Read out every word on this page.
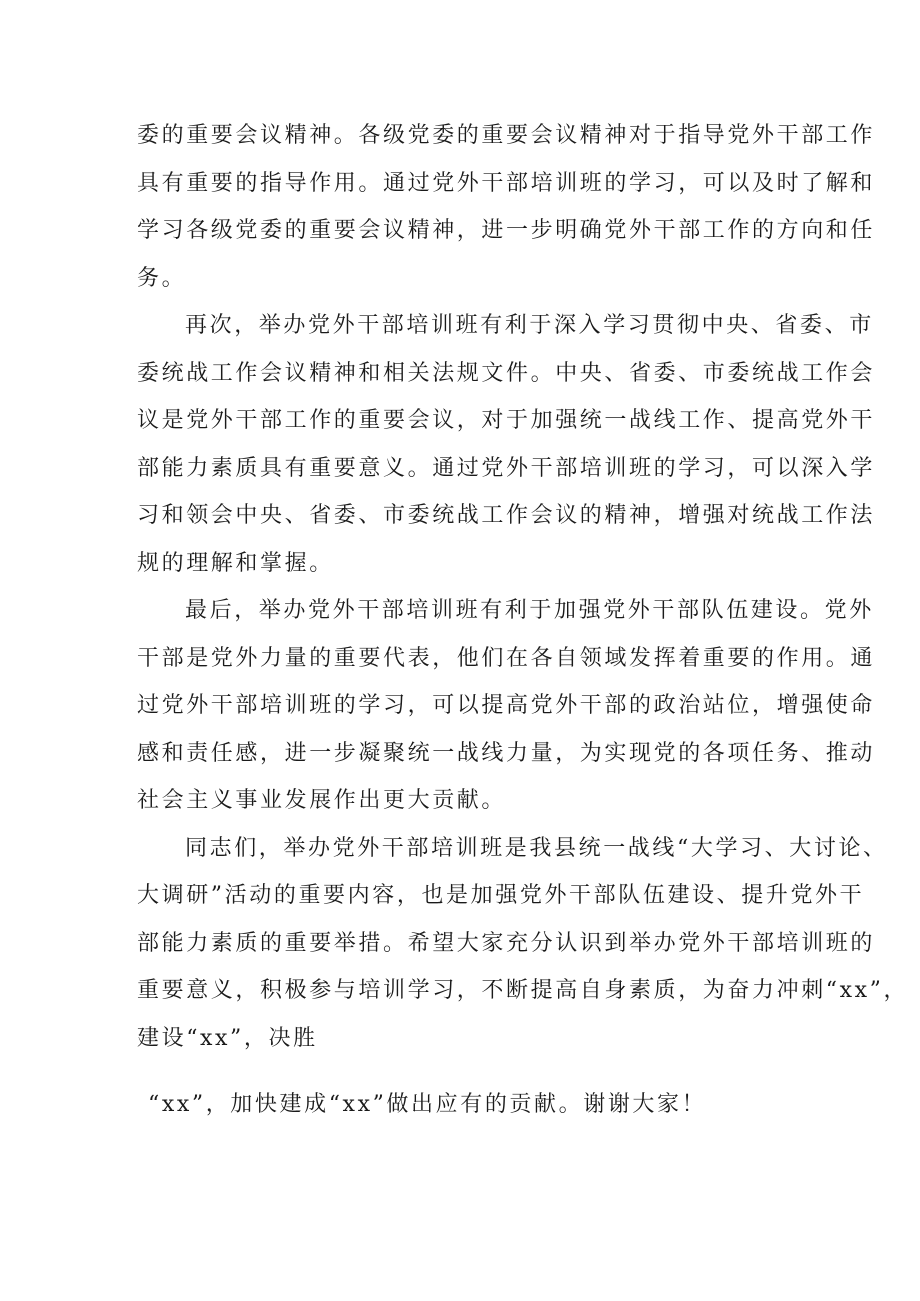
委的重要会议精神。各级党委的重要会议精神对于指导党外干部工作
具有重要的指导作用。通过党外干部培训班的学习，可以及时了解和
学习各级党委的重要会议精神，进一步明确党外干部工作的方向和任
务。
再次，举办党外干部培训班有利于深入学习贯彻中央、省委、市
委统战工作会议精神和相关法规文件。中央、省委、市委统战工作会
议是党外干部工作的重要会议，对于加强统一战线工作、提高党外干
部能力素质具有重要意义。通过党外干部培训班的学习，可以深入学
习和领会中央、省委、市委统战工作会议的精神，增强对统战工作法
规的理解和掌握。
最后，举办党外干部培训班有利于加强党外干部队伍建设。党外
干部是党外力量的重要代表，他们在各自领域发挥着重要的作用。通
过党外干部培训班的学习，可以提高党外干部的政治站位，增强使命
感和责任感，进一步凝聚统一战线力量，为实现党的各项任务、推动
社会主义事业发展作出更大贡献。
同志们，举办党外干部培训班是我县统一战线“大学习、大讨论、
大调研”活动的重要内容，也是加强党外干部队伍建设、提升党外干
部能力素质的重要举措。希望大家充分认识到举办党外干部培训班的
重要意义，积极参与培训学习，不断提高自身素质，为奋力冲刺“xx”，
建设“xx”，决胜
“xx”，加快建成“xx”做出应有的贡献。谢谢大家！
